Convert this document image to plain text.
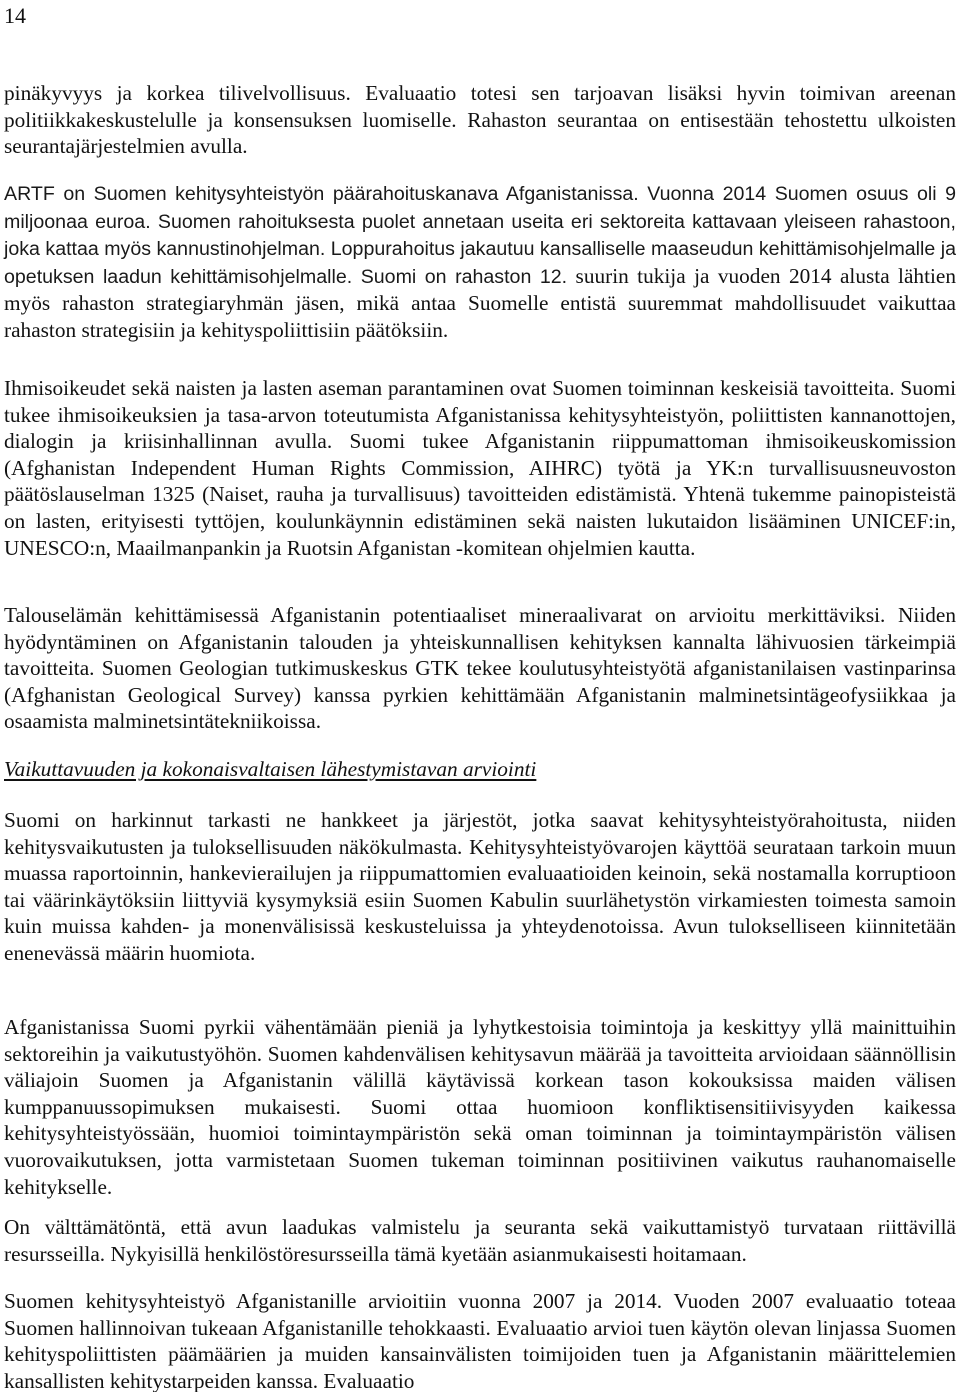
14

pinäkyvyys ja korkea tilivelvollisuus. Evaluaatio totesi sen tarjoavan lisäksi hyvin toimivan areenan politiikkakeskustelulle ja konsensuksen luomiselle. Rahaston seurantaa on entisestään tehostettu ulkoisten seurantajärjestelmien avulla.

ARTF on Suomen kehitysyhteistyön päärahoituskanava Afganistanissa. Vuonna 2014 Suomen osuus oli 9 miljoonaa euroa. Suomen rahoituksesta puolet annetaan useita eri sektoreita kattavaan yleiseen rahastoon, joka kattaa myös kannustinohjelman. Loppurahoitus jakautuu kansalliselle maaseudun kehittämisohjelmalle ja opetuksen laadun kehittämisohjelmalle. Suomi on rahaston 12. suurin tukija ja vuoden 2014 alusta lähtien myös rahaston strategiaryhmän jäsen, mikä antaa Suomelle entistä suuremmat mahdollisuudet vaikuttaa rahaston strategisiin ja kehityspoliittisiin päätöksiin.

Ihmisoikeudet sekä naisten ja lasten aseman parantaminen ovat Suomen toiminnan keskeisiä tavoitteita. Suomi tukee ihmisoikeuksien ja tasa-arvon toteutumista Afganistanissa kehitysyhteistyön, poliittisten kannanottojen, dialogin ja kriisinhallinnan avulla. Suomi tukee Afganistanin riippumattoman ihmisoikeuskomission (Afghanistan Independent Human Rights Commission, AIHRC) työtä ja YK:n turvallisuusneuvoston päätöslauselman 1325 (Naiset, rauha ja turvallisuus) tavoitteiden edistämistä. Yhtenä tukemme painopisteistä on lasten, erityisesti tyttöjen, koulunkäynnin edistäminen sekä naisten lukutaidon lisääminen UNICEF:in, UNESCO:n, Maailmanpankin ja Ruotsin Afganistan -komitean ohjelmien kautta.

Talouselämän kehittämisessä Afganistanin potentiaaliset mineraalivarat on arvioitu merkittäviksi. Niiden hyödyntäminen on Afganistanin talouden ja yhteiskunnallisen kehityksen kannalta lähivuosien tärkeimpiä tavoitteita. Suomen Geologian tutkimuskeskus GTK tekee koulutusyhteistyötä afganistanilaisen vastinparinsa (Afghanistan Geological Survey) kanssa pyrkien kehittämään Afganistanin malminetsintägeofysiikkaa ja osaamista malminetsintätekniikoissa.

Vaikuttavuuden ja kokonaisvaltaisen lähestymistavan arviointi

Suomi on harkinnut tarkasti ne hankkeet ja järjestöt, jotka saavat kehitysyhteistyörahoitusta, niiden kehitysvaikutusten ja tuloksellisuuden näkökulmasta. Kehitysyhteistyövarojen käyttöä seurataan tarkoin muun muassa raportoinnin, hankevierailujen ja riippumattomien evaluaatioiden keinoin, sekä nostamalla korruptioon tai väärinkäytöksiin liittyviä kysymyksiä esiin Suomen Kabulin suurlähetystön virkamiesten toimesta samoin kuin muissa kahden- ja monenvälisissä keskusteluissa ja yhteydenotoissa. Avun tulokselliseen kiinnitetään enenevässä määrin huomiota.

Afganistanissa Suomi pyrkii vähentämään pieniä ja lyhytkestoisia toimintoja ja keskittyy yllä mainittuihin sektoreihin ja vaikutustyöhön. Suomen kahdenvälisen kehitysavun määrää ja tavoitteita arvioidaan säännöllisin väliajoin Suomen ja Afganistanin välillä käytävissä korkean tason kokouksissa maiden välisen kumppanuussopimuksen mukaisesti. Suomi ottaa huomioon konfliktisensitiivisyyden kaikessa kehitysyhteistyössään, huomioi toimintaympäristön sekä oman toiminnan ja toimintaympäristön välisen vuorovaikutuksen, jotta varmistetaan Suomen tukeman toiminnan positiivinen vaikutus rauhanomaiselle kehitykselle.

On välttämätöntä, että avun laadukas valmistelu ja seuranta sekä vaikuttamistyö turvataan riittävillä resursseilla. Nykyisillä henkilöstöresursseilla tämä kyetään asianmukaisesti hoitamaan.

Suomen kehitysyhteistyö Afganistanille arvioitiin vuonna 2007 ja 2014. Vuoden 2007 evaluaatio toteaa Suomen hallinnoivan tukeaan Afganistanille tehokkaasti. Evaluaatio arvioi tuen käytön olevan linjassa Suomen kehityspoliittisten päämäärien ja muiden kansainvälisten toimijoiden tuen ja Afganistanin määrittelemien kansallisten kehitystarpeiden kanssa. Evaluaatio
